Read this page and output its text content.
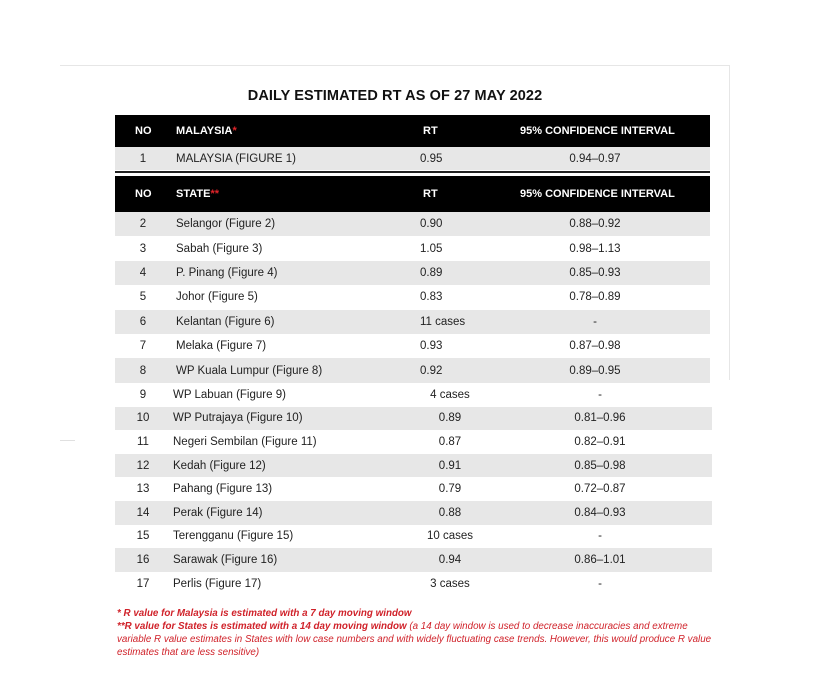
DAILY ESTIMATED RT AS OF 27 MAY 2022
NO MALAYSIA *	RT	95% CONFIDENCE INTERVAL
1	MALAYSIA (FIGURE 1)	0.95	0.94–0.97
NO STATE **	RT	95% CONFIDENCE INTERVAL
2	Selangor (Figure 2)	0.90	0.88–0.92
3	Sabah (Figure 3)	1.05	0.98–1.13
4	P. Pinang (Figure 4)	0.89	0.85–0.93
5	Johor (Figure 5)	0.83	0.78–0.89
6	Kelantan (Figure 6)	11 cases	-
7	Melaka (Figure 7)	0.93	0.87–0.98
8	WP Kuala Lumpur (Figure 8)	0.92	0.89–0.95
9	WP Labuan (Figure 9)	4 cases	-
10	WP Putrajaya (Figure 10)	0.89	0.81–0.96
11	Negeri Sembilan (Figure 11)	0.87	0.82–0.91
12	Kedah (Figure 12)	0.91	0.85–0.98
13	Pahang (Figure 13)	0.79	0.72–0.87
14	Perak (Figure 14)	0.88	0.84–0.93
15	Terengganu (Figure 15)	10 cases	-
16	Sarawak (Figure 16)	0.94	0.86–1.01
17	Perlis (Figure 17)	3 cases	-

* R value for Malaysia is estimated with a 7 day moving window

**R value for States is estimated with a 14 day moving window (a 14 day window is used to decrease inaccuracies and extreme variable R value estimates in States with low case numbers and with widely fluctuating case trends. However, this would produce R value estimates that are less sensitive)
